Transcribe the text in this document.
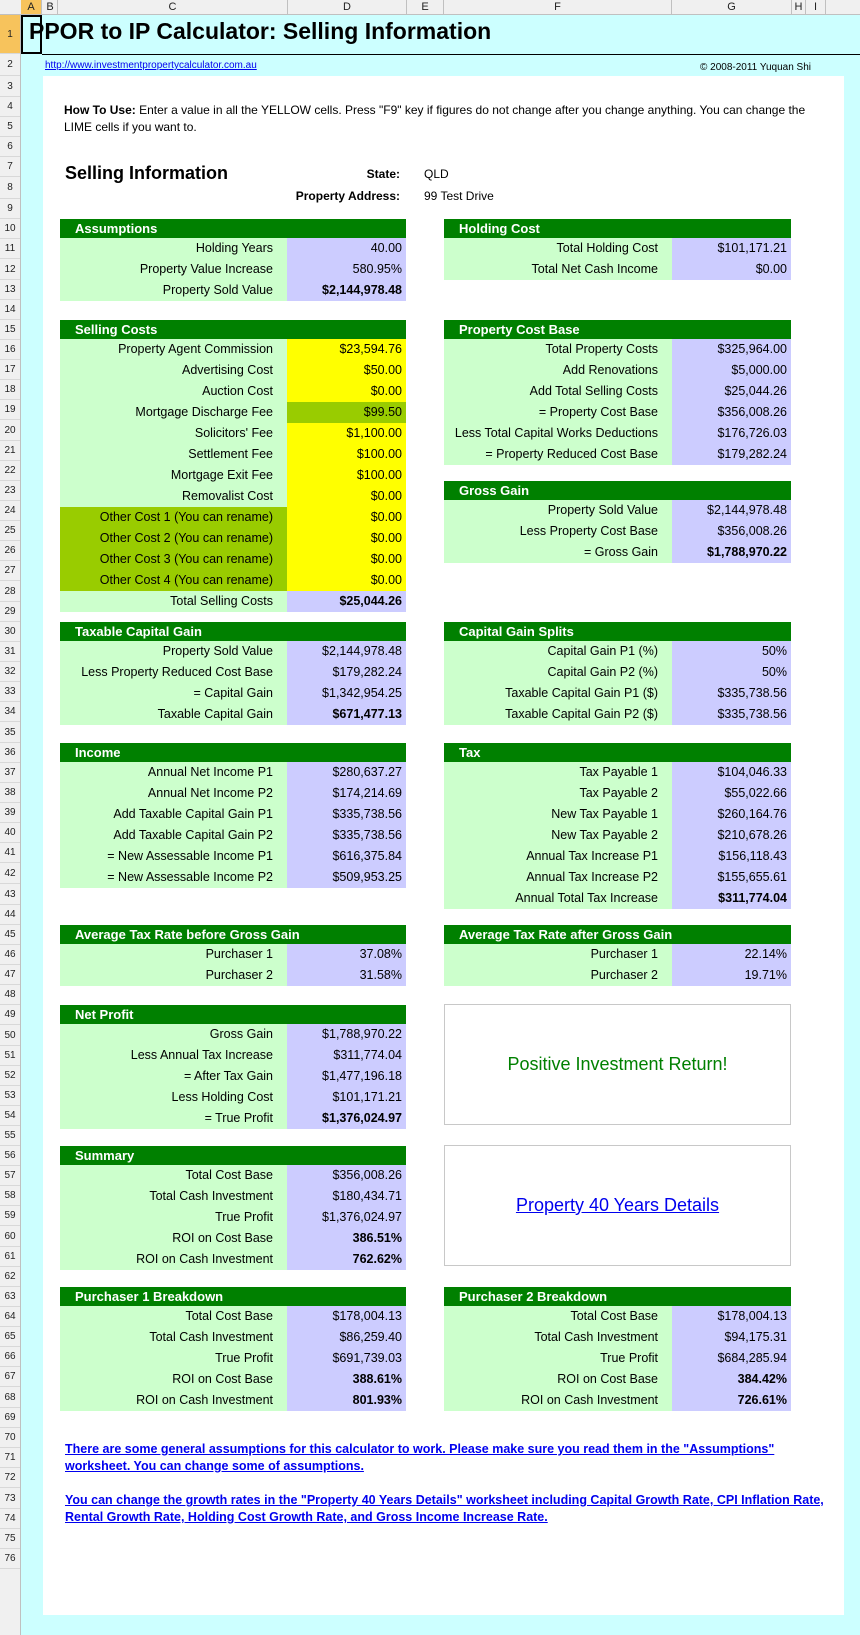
A	B	C	D	E	F	G	H	I
1
2
3
4
5
6
7
8
9
10
11
12
13
14
15
16
17
18
19
20
21
22
23
24
25
26
27
28
29
30
31
32
33
34
35
36
37
38
39
40
41
42
43
44
45
46
47
48
49
50
51
52
53
54
55
56
57
58
59
60
61
62
63
64
65
66
67
68
69
70
71
72
73
74
75
76
PPOR to IP Calculator: Selling Information
http://www.investmentpropertycalculator.com.au	© 2008-2011 Yuquan Shi
How To Use: Enter a value in all the YELLOW cells. Press "F9" key if figures do not change after you change anything. You can change the LIME cells if you want to.
Selling Information	State: QLD
Property Address: 99 Test Drive
Assumptions
Holding Years	40.00
Property Value Increase	580.95%
Property Sold Value	$2,144,978.48
Holding Cost
Total Holding Cost	$101,171.21
Total Net Cash Income	$0.00
Selling Costs
Property Agent Commission	$23,594.76
Advertising Cost	$50.00
Auction Cost	$0.00
Mortgage Discharge Fee	$99.50
Solicitors' Fee	$1,100.00
Settlement Fee	$100.00
Mortgage Exit Fee	$100.00
Removalist Cost	$0.00
Other Cost 1 (You can rename)	$0.00
Other Cost 2 (You can rename)	$0.00
Other Cost 3 (You can rename)	$0.00
Other Cost 4 (You can rename)	$0.00
Total Selling Costs	$25,044.26
Property Cost Base
Total Property Costs	$325,964.00
Add Renovations	$5,000.00
Add Total Selling Costs	$25,044.26
= Property Cost Base	$356,008.26
Less Total Capital Works Deductions	$176,726.03
= Property Reduced Cost Base	$179,282.24
Gross Gain
Property Sold Value	$2,144,978.48
Less Property Cost Base	$356,008.26
= Gross Gain	$1,788,970.22
Taxable Capital Gain
Property Sold Value	$2,144,978.48
Less Property Reduced Cost Base	$179,282.24
= Capital Gain	$1,342,954.25
Taxable Capital Gain	$671,477.13
Capital Gain Splits
Capital Gain P1 (%)	50%
Capital Gain P2 (%)	50%
Taxable Capital Gain P1 ($)	$335,738.56
Taxable Capital Gain P2 ($)	$335,738.56
Income
Annual Net Income P1	$280,637.27
Annual Net Income P2	$174,214.69
Add Taxable Capital Gain P1	$335,738.56
Add Taxable Capital Gain P2	$335,738.56
= New Assessable Income P1	$616,375.84
= New Assessable Income P2	$509,953.25
Tax
Tax Payable 1	$104,046.33
Tax Payable 2	$55,022.66
New Tax Payable 1	$260,164.76
New Tax Payable 2	$210,678.26
Annual Tax Increase P1	$156,118.43
Annual Tax Increase P2	$155,655.61
Annual Total Tax Increase	$311,774.04
Average Tax Rate before Gross Gain
Purchaser 1	37.08%
Purchaser 2	31.58%
Average Tax Rate after Gross Gain
Purchaser 1	22.14%
Purchaser 2	19.71%
Net Profit
Gross Gain	$1,788,970.22
Less Annual Tax Increase	$311,774.04
= After Tax Gain	$1,477,196.18
Less Holding Cost	$101,171.21
= True Profit	$1,376,024.97
Summary
Total Cost Base	$356,008.26
Total Cash Investment	$180,434.71
True Profit	$1,376,024.97
ROI on Cost Base	386.51%
ROI on Cash Investment	762.62%
Purchaser 1 Breakdown
Total Cost Base	$178,004.13
Total Cash Investment	$86,259.40
True Profit	$691,739.03
ROI on Cost Base	388.61%
ROI on Cash Investment	801.93%
Purchaser 2 Breakdown
Total Cost Base	$178,004.13
Total Cash Investment	$94,175.31
True Profit	$684,285.94
ROI on Cost Base	384.42%
ROI on Cash Investment	726.61%
Positive Investment Return!
Property 40 Years Details
There are some general assumptions for this calculator to work. Please make sure you read them in the "Assumptions" worksheet. You can change some of assumptions.
You can change the growth rates in the "Property 40 Years Details" worksheet including Capital Growth Rate, CPI Inflation Rate, Rental Growth Rate, Holding Cost Growth Rate, and Gross Income Increase Rate.
